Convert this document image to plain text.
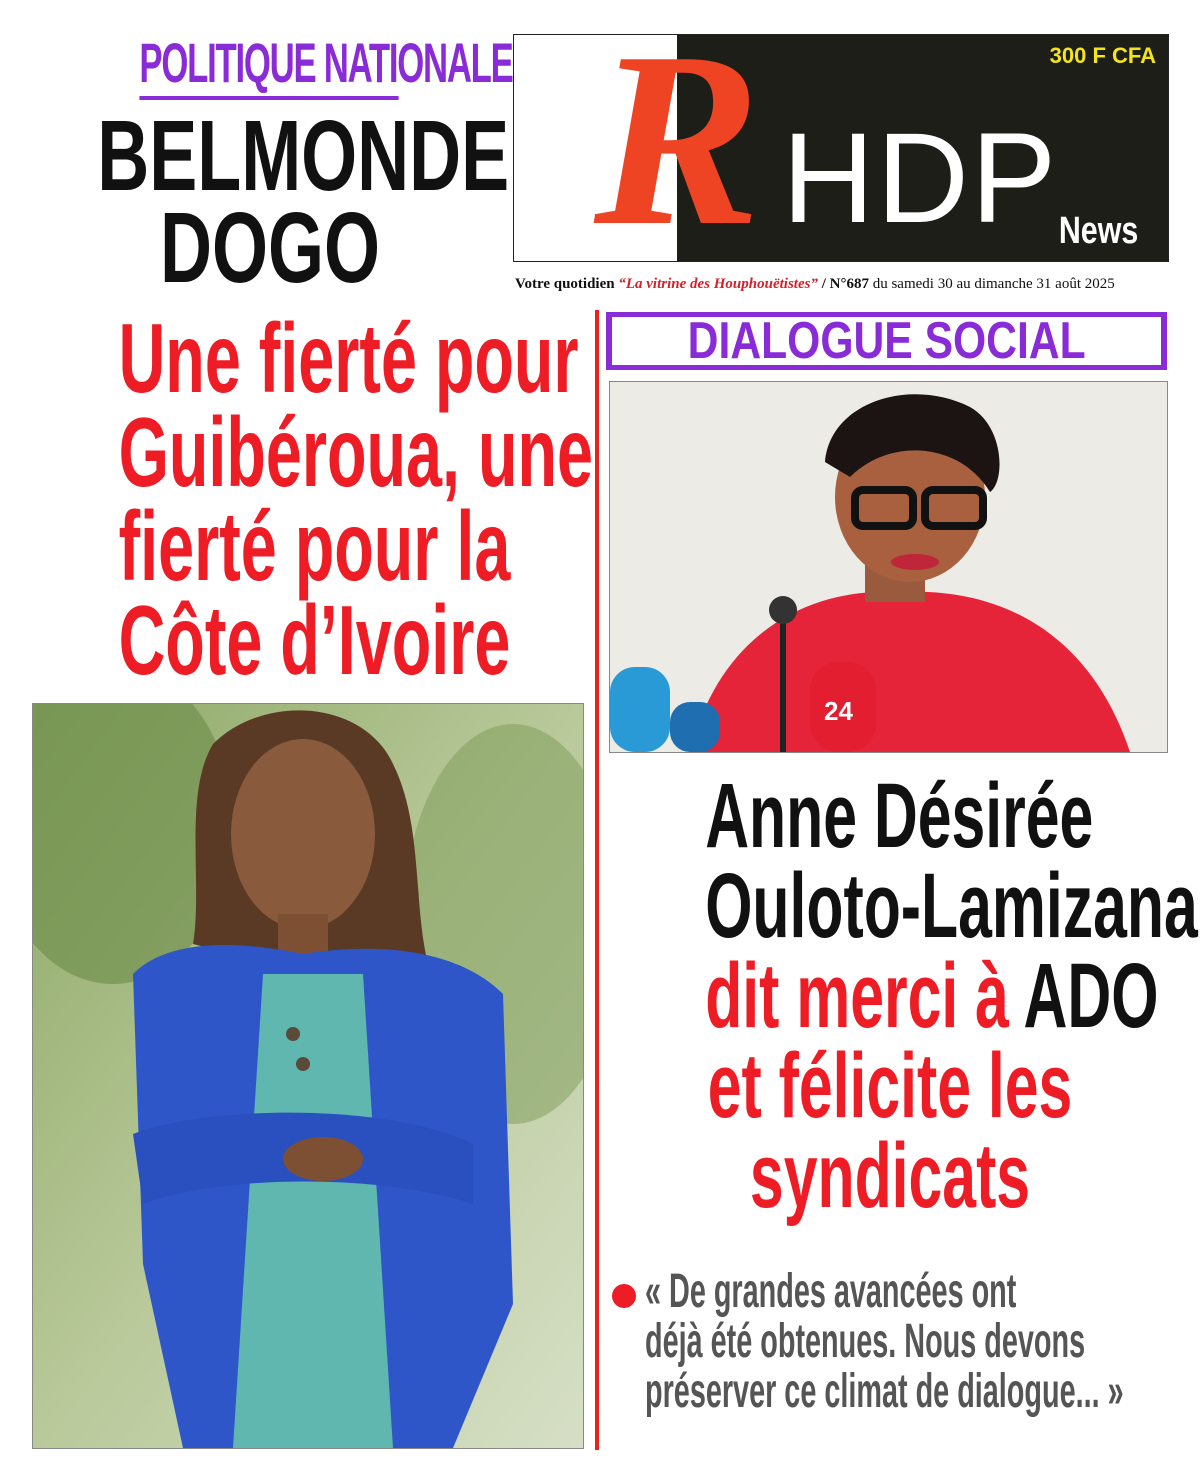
POLITIQUE NATIONALE
BELMONDE
DOGO
Une fierté pour
Guibéroua, une
fierté pour la
Côte d’Ivoire
R HDP
300 F CFA
News
Votre quotidien “La vitrine des Houphouëtistes” / N°687 du samedi 30 au dimanche 31 août 2025
DIALOGUE SOCIAL
24
Anne Désirée
Ouloto-Lamizana
dit merci à ADO
et félicite les
syndicats
« De grandes avancées ont
déjà été obtenues. Nous devons
préserver ce climat de dialogue... »
